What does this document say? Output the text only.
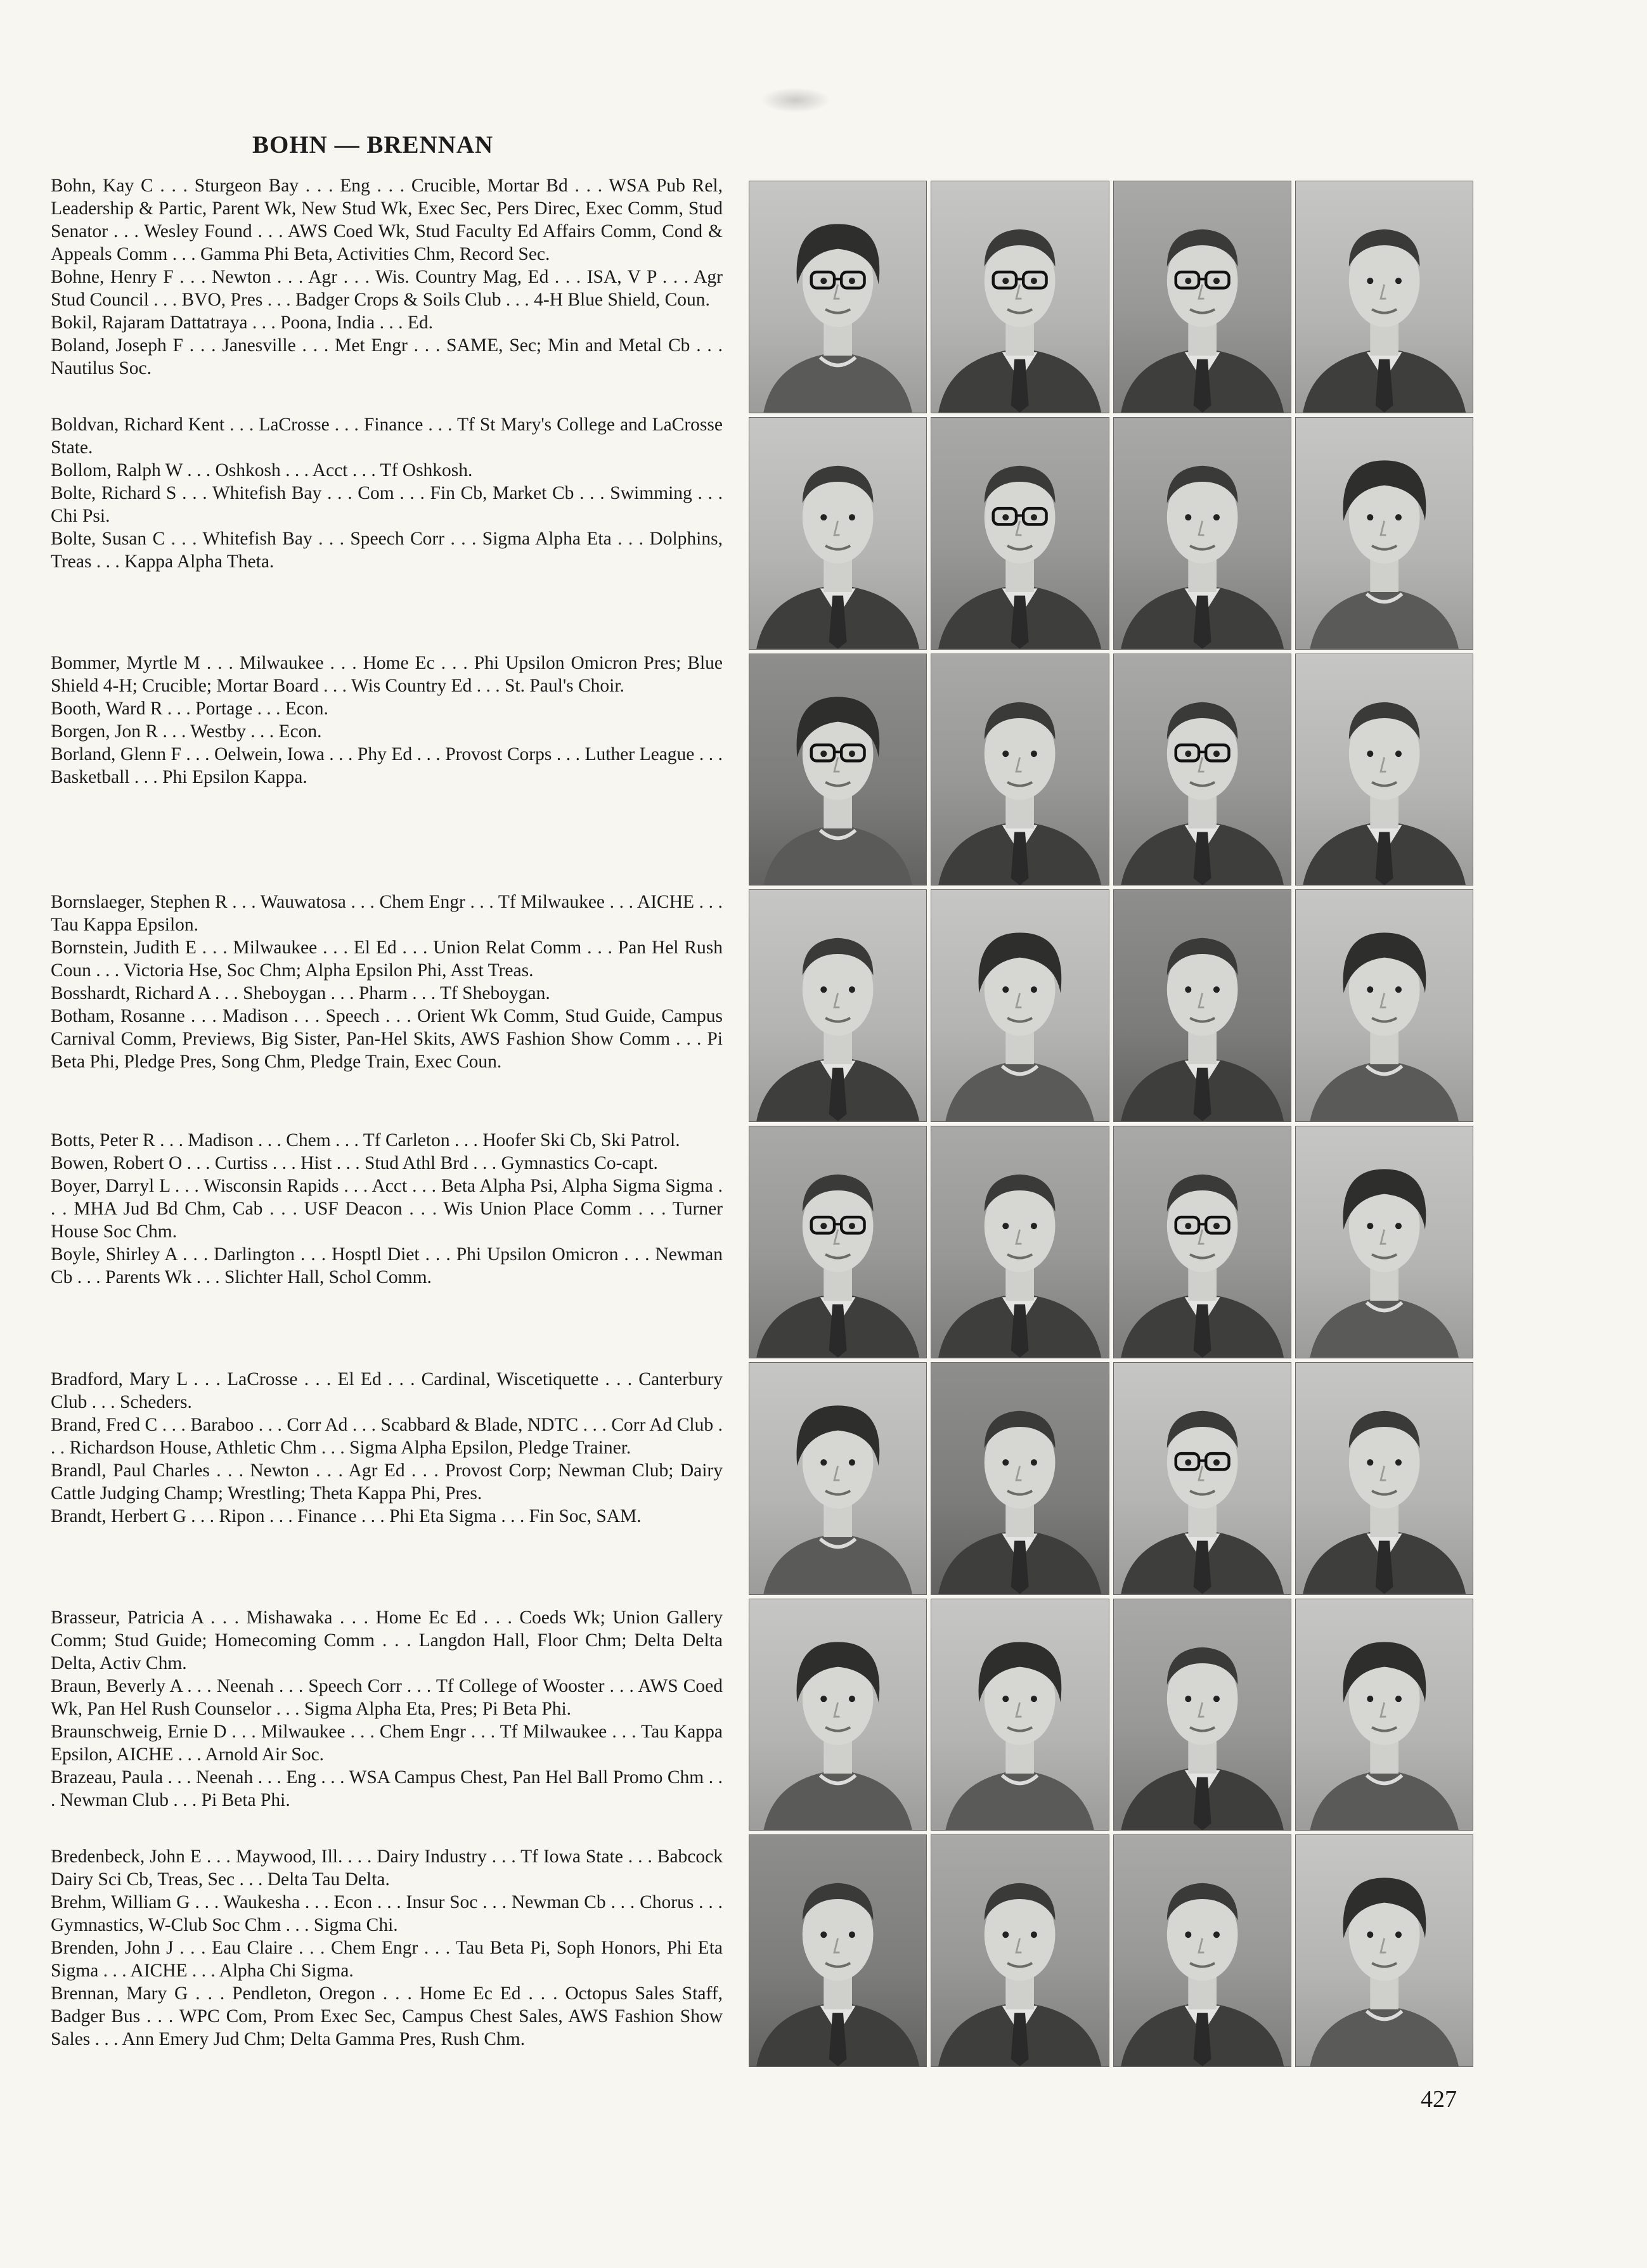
BOHN — BRENNAN

Bohn, Kay C . . . Sturgeon Bay . . . Eng . . . Crucible, Mortar Bd . . . WSA Pub Rel, Leadership & Partic, Parent Wk, New Stud Wk, Exec Sec, Pers Direc, Exec Comm, Stud Senator . . . Wesley Found . . . AWS Coed Wk, Stud Faculty Ed Affairs Comm, Cond & Appeals Comm . . . Gamma Phi Beta, Activities Chm, Record Sec.

Bohne, Henry F . . . Newton . . . Agr . . . Wis. Country Mag, Ed . . . ISA, V P . . . Agr Stud Council . . . BVO, Pres . . . Badger Crops & Soils Club . . . 4-H Blue Shield, Coun.

Bokil, Rajaram Dattatraya . . . Poona, India . . . Ed.

Boland, Joseph F . . . Janesville . . . Met Engr . . . SAME, Sec; Min and Metal Cb . . . Nautilus Soc.

Boldvan, Richard Kent . . . LaCrosse . . . Finance . . . Tf St Mary's College and LaCrosse State.

Bollom, Ralph W . . . Oshkosh . . . Acct . . . Tf Oshkosh.

Bolte, Richard S . . . Whitefish Bay . . . Com . . . Fin Cb, Market Cb . . . Swimming . . . Chi Psi.

Bolte, Susan C . . . Whitefish Bay . . . Speech Corr . . . Sigma Alpha Eta . . . Dolphins, Treas . . . Kappa Alpha Theta.

Bommer, Myrtle M . . . Milwaukee . . . Home Ec . . . Phi Upsilon Omicron Pres; Blue Shield 4-H; Crucible; Mortar Board . . . Wis Country Ed . . . St. Paul's Choir.

Booth, Ward R . . . Portage . . . Econ.

Borgen, Jon R . . . Westby . . . Econ.

Borland, Glenn F . . . Oelwein, Iowa . . . Phy Ed . . . Provost Corps . . . Luther League . . . Basketball . . . Phi Epsilon Kappa.

Bornslaeger, Stephen R . . . Wauwatosa . . . Chem Engr . . . Tf Milwaukee . . . AICHE . . . Tau Kappa Epsilon.

Bornstein, Judith E . . . Milwaukee . . . El Ed . . . Union Relat Comm . . . Pan Hel Rush Coun . . . Victoria Hse, Soc Chm; Alpha Epsilon Phi, Asst Treas.

Bosshardt, Richard A . . . Sheboygan . . . Pharm . . . Tf Sheboygan.

Botham, Rosanne . . . Madison . . . Speech . . . Orient Wk Comm, Stud Guide, Campus Carnival Comm, Previews, Big Sister, Pan-Hel Skits, AWS Fashion Show Comm . . . Pi Beta Phi, Pledge Pres, Song Chm, Pledge Train, Exec Coun.

Botts, Peter R . . . Madison . . . Chem . . . Tf Carleton . . . Hoofer Ski Cb, Ski Patrol.

Bowen, Robert O . . . Curtiss . . . Hist . . . Stud Athl Brd . . . Gymnastics Co-capt.

Boyer, Darryl L . . . Wisconsin Rapids . . . Acct . . . Beta Alpha Psi, Alpha Sigma Sigma . . . MHA Jud Bd Chm, Cab . . . USF Deacon . . . Wis Union Place Comm . . . Turner House Soc Chm.

Boyle, Shirley A . . . Darlington . . . Hosptl Diet . . . Phi Upsilon Omicron . . . Newman Cb . . . Parents Wk . . . Slichter Hall, Schol Comm.

Bradford, Mary L . . . LaCrosse . . . El Ed . . . Cardinal, Wiscetiquette . . . Canterbury Club . . . Scheders.

Brand, Fred C . . . Baraboo . . . Corr Ad . . . Scabbard & Blade, NDTC . . . Corr Ad Club . . . Richardson House, Athletic Chm . . . Sigma Alpha Epsilon, Pledge Trainer.

Brandl, Paul Charles . . . Newton . . . Agr Ed . . . Provost Corp; Newman Club; Dairy Cattle Judging Champ; Wrestling; Theta Kappa Phi, Pres.

Brandt, Herbert G . . . Ripon . . . Finance . . . Phi Eta Sigma . . . Fin Soc, SAM.

Brasseur, Patricia A . . . Mishawaka . . . Home Ec Ed . . . Coeds Wk; Union Gallery Comm; Stud Guide; Homecoming Comm . . . Langdon Hall, Floor Chm; Delta Delta Delta, Activ Chm.

Braun, Beverly A . . . Neenah . . . Speech Corr . . . Tf College of Wooster . . . AWS Coed Wk, Pan Hel Rush Counselor . . . Sigma Alpha Eta, Pres; Pi Beta Phi.

Braunschweig, Ernie D . . . Milwaukee . . . Chem Engr . . . Tf Milwaukee . . . Tau Kappa Epsilon, AICHE . . . Arnold Air Soc.

Brazeau, Paula . . . Neenah . . . Eng . . . WSA Campus Chest, Pan Hel Ball Promo Chm . . . Newman Club . . . Pi Beta Phi.

Bredenbeck, John E . . . Maywood, Ill. . . . Dairy Industry . . . Tf Iowa State . . . Babcock Dairy Sci Cb, Treas, Sec . . . Delta Tau Delta.

Brehm, William G . . . Waukesha . . . Econ . . . Insur Soc . . . Newman Cb . . . Chorus . . . Gymnastics, W-Club Soc Chm . . . Sigma Chi.

Brenden, John J . . . Eau Claire . . . Chem Engr . . . Tau Beta Pi, Soph Honors, Phi Eta Sigma . . . AICHE . . . Alpha Chi Sigma.

Brennan, Mary G . . . Pendleton, Oregon . . . Home Ec Ed . . . Octopus Sales Staff, Badger Bus . . . WPC Com, Prom Exec Sec, Campus Chest Sales, AWS Fashion Show Sales . . . Ann Emery Jud Chm; Delta Gamma Pres, Rush Chm.

427
